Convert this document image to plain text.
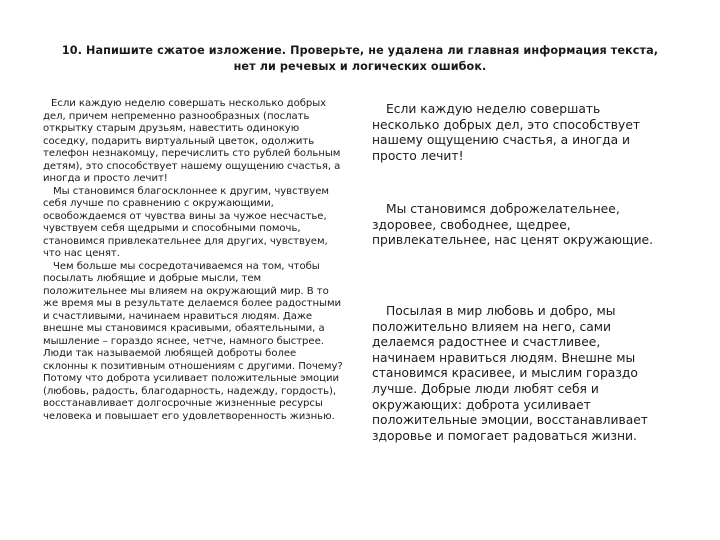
10. Напишите сжатое изложение. Проверьте, не удалена ли главная информация текста, нет ли речевых и логических ошибок.

Если каждую неделю совершать несколько добрых дел, причем непременно разнообразных (послать открытку старым друзьям, навестить одинокую соседку, подарить виртуальный цветок, одолжить телефон незнакомцу, перечислить сто рублей больным детям), это способствует нашему ощущению счастья, а иногда и просто лечит!

Мы становимся благосклоннее к другим, чувствуем себя лучше по сравнению с окружающими, освобождаемся от чувства вины за чужое несчастье, чувствуем себя щедрыми и способными помочь, становимся привлекательнее для других, чувствуем, что нас ценят.

Чем больше мы сосредотачиваемся на том, чтобы посылать любящие и добрые мысли, тем положительнее мы влияем на окружающий мир. В то же время мы в результате делаемся более радостными и счастливыми, начинаем нравиться людям. Даже внешне мы становимся красивыми, обаятельными, а мышление – гораздо яснее, четче, намного быстрее. Люди так называемой любящей доброты более склонны к позитивным отношениям с другими. Почему? Потому что доброта усиливает положительные эмоции (любовь, радость, благодарность, надежду, гордость), восстанавливает долгосрочные жизненные ресурсы человека и повышает его удовлетворенность жизнью.

Если каждую неделю совершать несколько добрых дел, это способствует нашему ощущению счастья, а иногда и просто лечит!

Мы становимся доброжелательнее, здоровее, свободнее, щедрее, привлекательнее, нас ценят окружающие.

Посылая в мир любовь и добро, мы положительно влияем на него, сами делаемся радостнее и счастливее, начинаем нравиться людям. Внешне мы становимся красивее, и мыслим гораздо лучше. Добрые люди любят себя и окружающих: доброта усиливает положительные эмоции, восстанавливает здоровье и помогает радоваться жизни.
